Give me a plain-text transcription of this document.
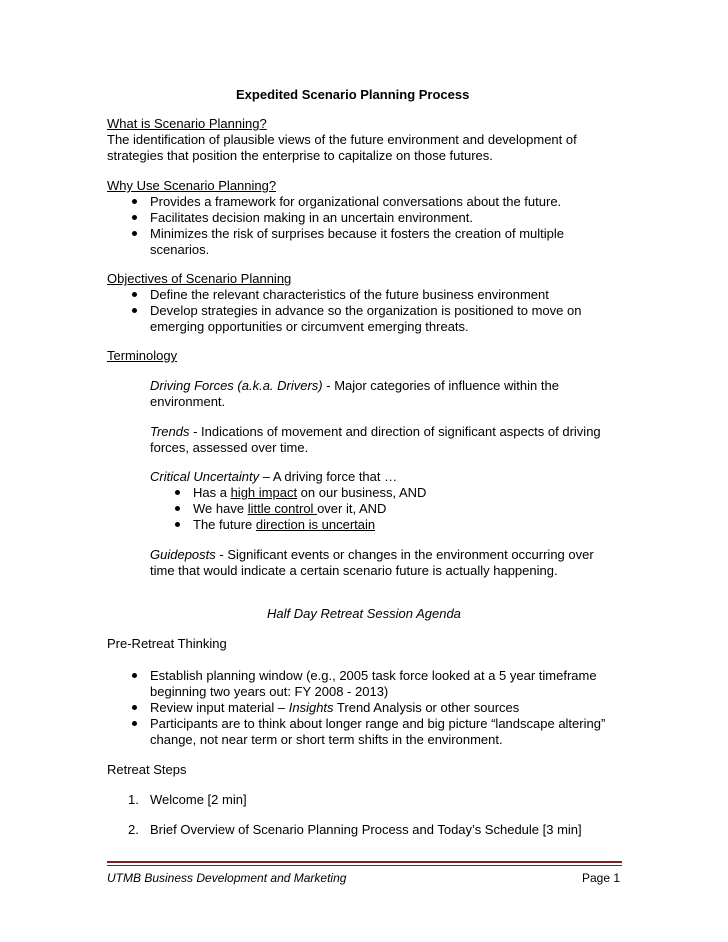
Expedited Scenario Planning Process
What is Scenario Planning?
The identification of plausible views of the future environment and development of
strategies that position the enterprise to capitalize on those futures.
Why Use Scenario Planning?
Provides a framework for organizational conversations about the future.
Facilitates decision making in an uncertain environment.
Minimizes the risk of surprises because it fosters the creation of multiple
scenarios.
Objectives of Scenario Planning
Define the relevant characteristics of the future business environment
Develop strategies in advance so the organization is positioned to move on
emerging opportunities or circumvent emerging threats.
Terminology
Driving Forces (a.k.a. Drivers) - Major categories of influence within the
environment.
Trends - Indications of movement and direction of significant aspects of driving
forces, assessed over time.
Critical Uncertainty – A driving force that …
Has a high impact on our business, AND
We have little control over it, AND
The future direction is uncertain
Guideposts - Significant events or changes in the environment occurring over
time that would indicate a certain scenario future is actually happening.
Half Day Retreat Session Agenda
Pre-Retreat Thinking
Establish planning window (e.g., 2005 task force looked at a 5 year timeframe
beginning two years out: FY 2008 - 2013)
Review input material – Insights Trend Analysis or other sources
Participants are to think about longer range and big picture “landscape altering”
change, not near term or short term shifts in the environment.
Retreat Steps
1. Welcome [2 min]
2. Brief Overview of Scenario Planning Process and Today’s Schedule [3 min]
UTMB Business Development and Marketing	Page 1
